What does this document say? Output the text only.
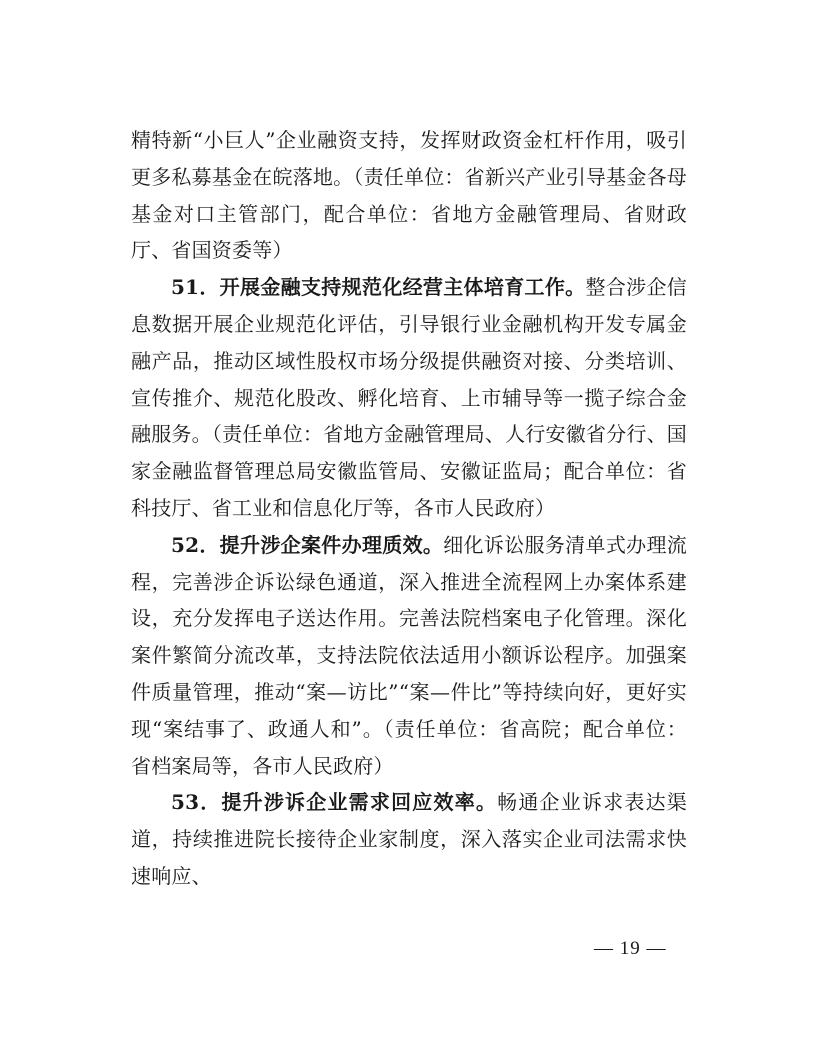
精特新“小巨人”企业融资支持，发挥财政资金杠杆作用，吸引更多私募基金在皖落地。（责任单位：省新兴产业引导基金各母基金对口主管部门，配合单位：省地方金融管理局、省财政厅、省国资委等）

51．开展金融支持规范化经营主体培育工作。整合涉企信息数据开展企业规范化评估，引导银行业金融机构开发专属金融产品，推动区域性股权市场分级提供融资对接、分类培训、宣传推介、规范化股改、孵化培育、上市辅导等一揽子综合金融服务。（责任单位：省地方金融管理局、人行安徽省分行、国家金融监督管理总局安徽监管局、安徽证监局；配合单位：省科技厅、省工业和信息化厅等，各市人民政府）

52．提升涉企案件办理质效。细化诉讼服务清单式办理流程，完善涉企诉讼绿色通道，深入推进全流程网上办案体系建设，充分发挥电子送达作用。完善法院档案电子化管理。深化案件繁简分流改革，支持法院依法适用小额诉讼程序。加强案件质量管理，推动“案—访比”“案—件比”等持续向好，更好实现“案结事了、政通人和”。（责任单位：省高院；配合单位：省档案局等，各市人民政府）

53．提升涉诉企业需求回应效率。畅通企业诉求表达渠道，持续推进院长接待企业家制度，深入落实企业司法需求快速响应、

— 19 —
